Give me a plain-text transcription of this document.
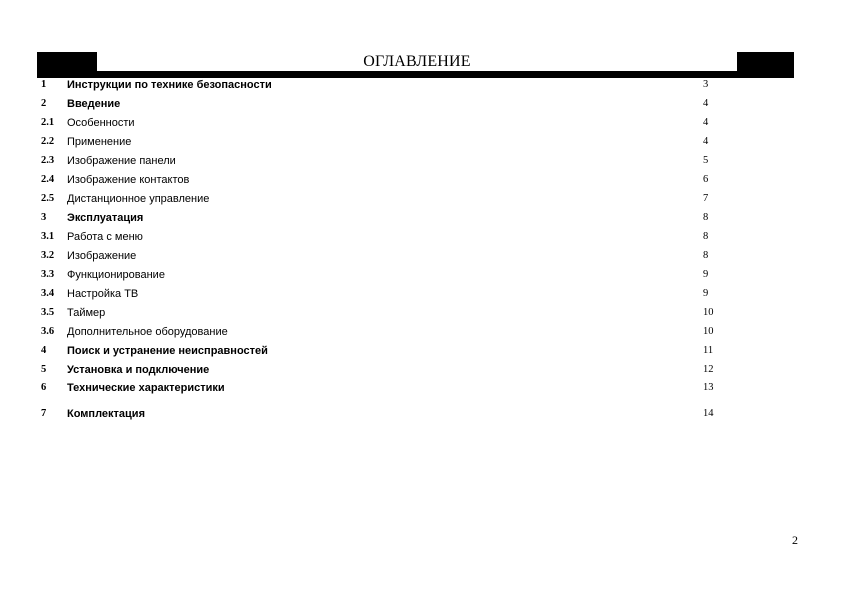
ОГЛАВЛЕНИЕ
1 Инструкции по технике безопасности	3
2 Введение	4
2.1 Особенности	4
2.2 Применение	4
2.3 Изображение панели	5
2.4 Изображение контактов	6
2.5 Дистанционное управление	7
3 Эксплуатация	8
3.1 Работа с меню	8
3.2 Изображение	8
3.3 Функционирование	9
3.4 Настройка ТВ	9
3.5 Таймер	10
3.6 Дополнительное оборудование	10
4 Поиск и устранение неисправностей	11
5 Установка и подключение	12
6 Технические характеристики	13
7 Комплектация	14
2
